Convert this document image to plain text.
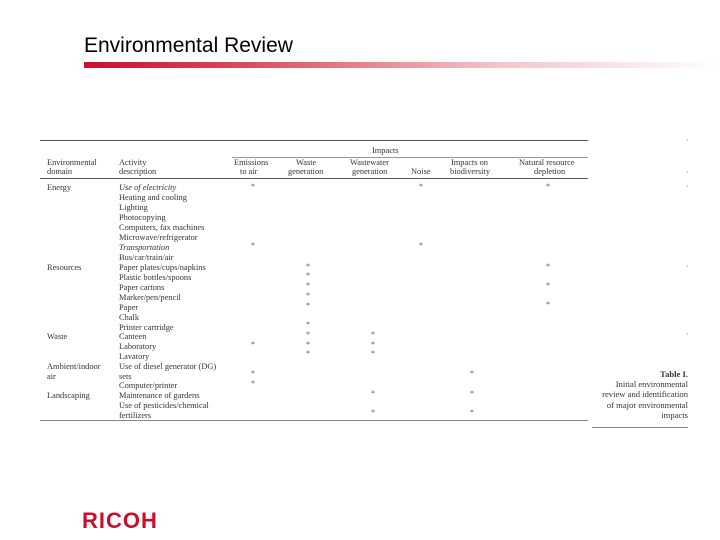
Environmental Review
Impacts
Environmental
domain
Activity
description
Emissions
to air
Waste
generation
Wastewater
generation	Noise
Impacts on
biodiversity
Natural resource
depletion
Energy
Resources
Waste
Ambient/indoor
air
Landscaping
Use of electricity
Heating and cooling
Lighting
Photocopying
Computers, fax machines
Microwave/refrigerator
Transportation
Bus/car/train/air
Paper plates/cups/napkins
Plastic bottles/spoons
Paper cartons
Marker/pen/pencil
Paper
Chalk
Printer cartridge
Canteen
Laboratory
Lavatory
Use of diesel generator (DG)
sets
Computer/printer
Maintenance of gardens
Use of pesticides/chemical
fertilizers
*
*
*
*
*
*
*
*
*
*
*
*
*
*
*
*
*
*
*
*
*
*
*
*
*
*
*
*
·
·
·
·
·
Table I.
Initial environmental
review and identification
of major environmental
impacts
RICOH
